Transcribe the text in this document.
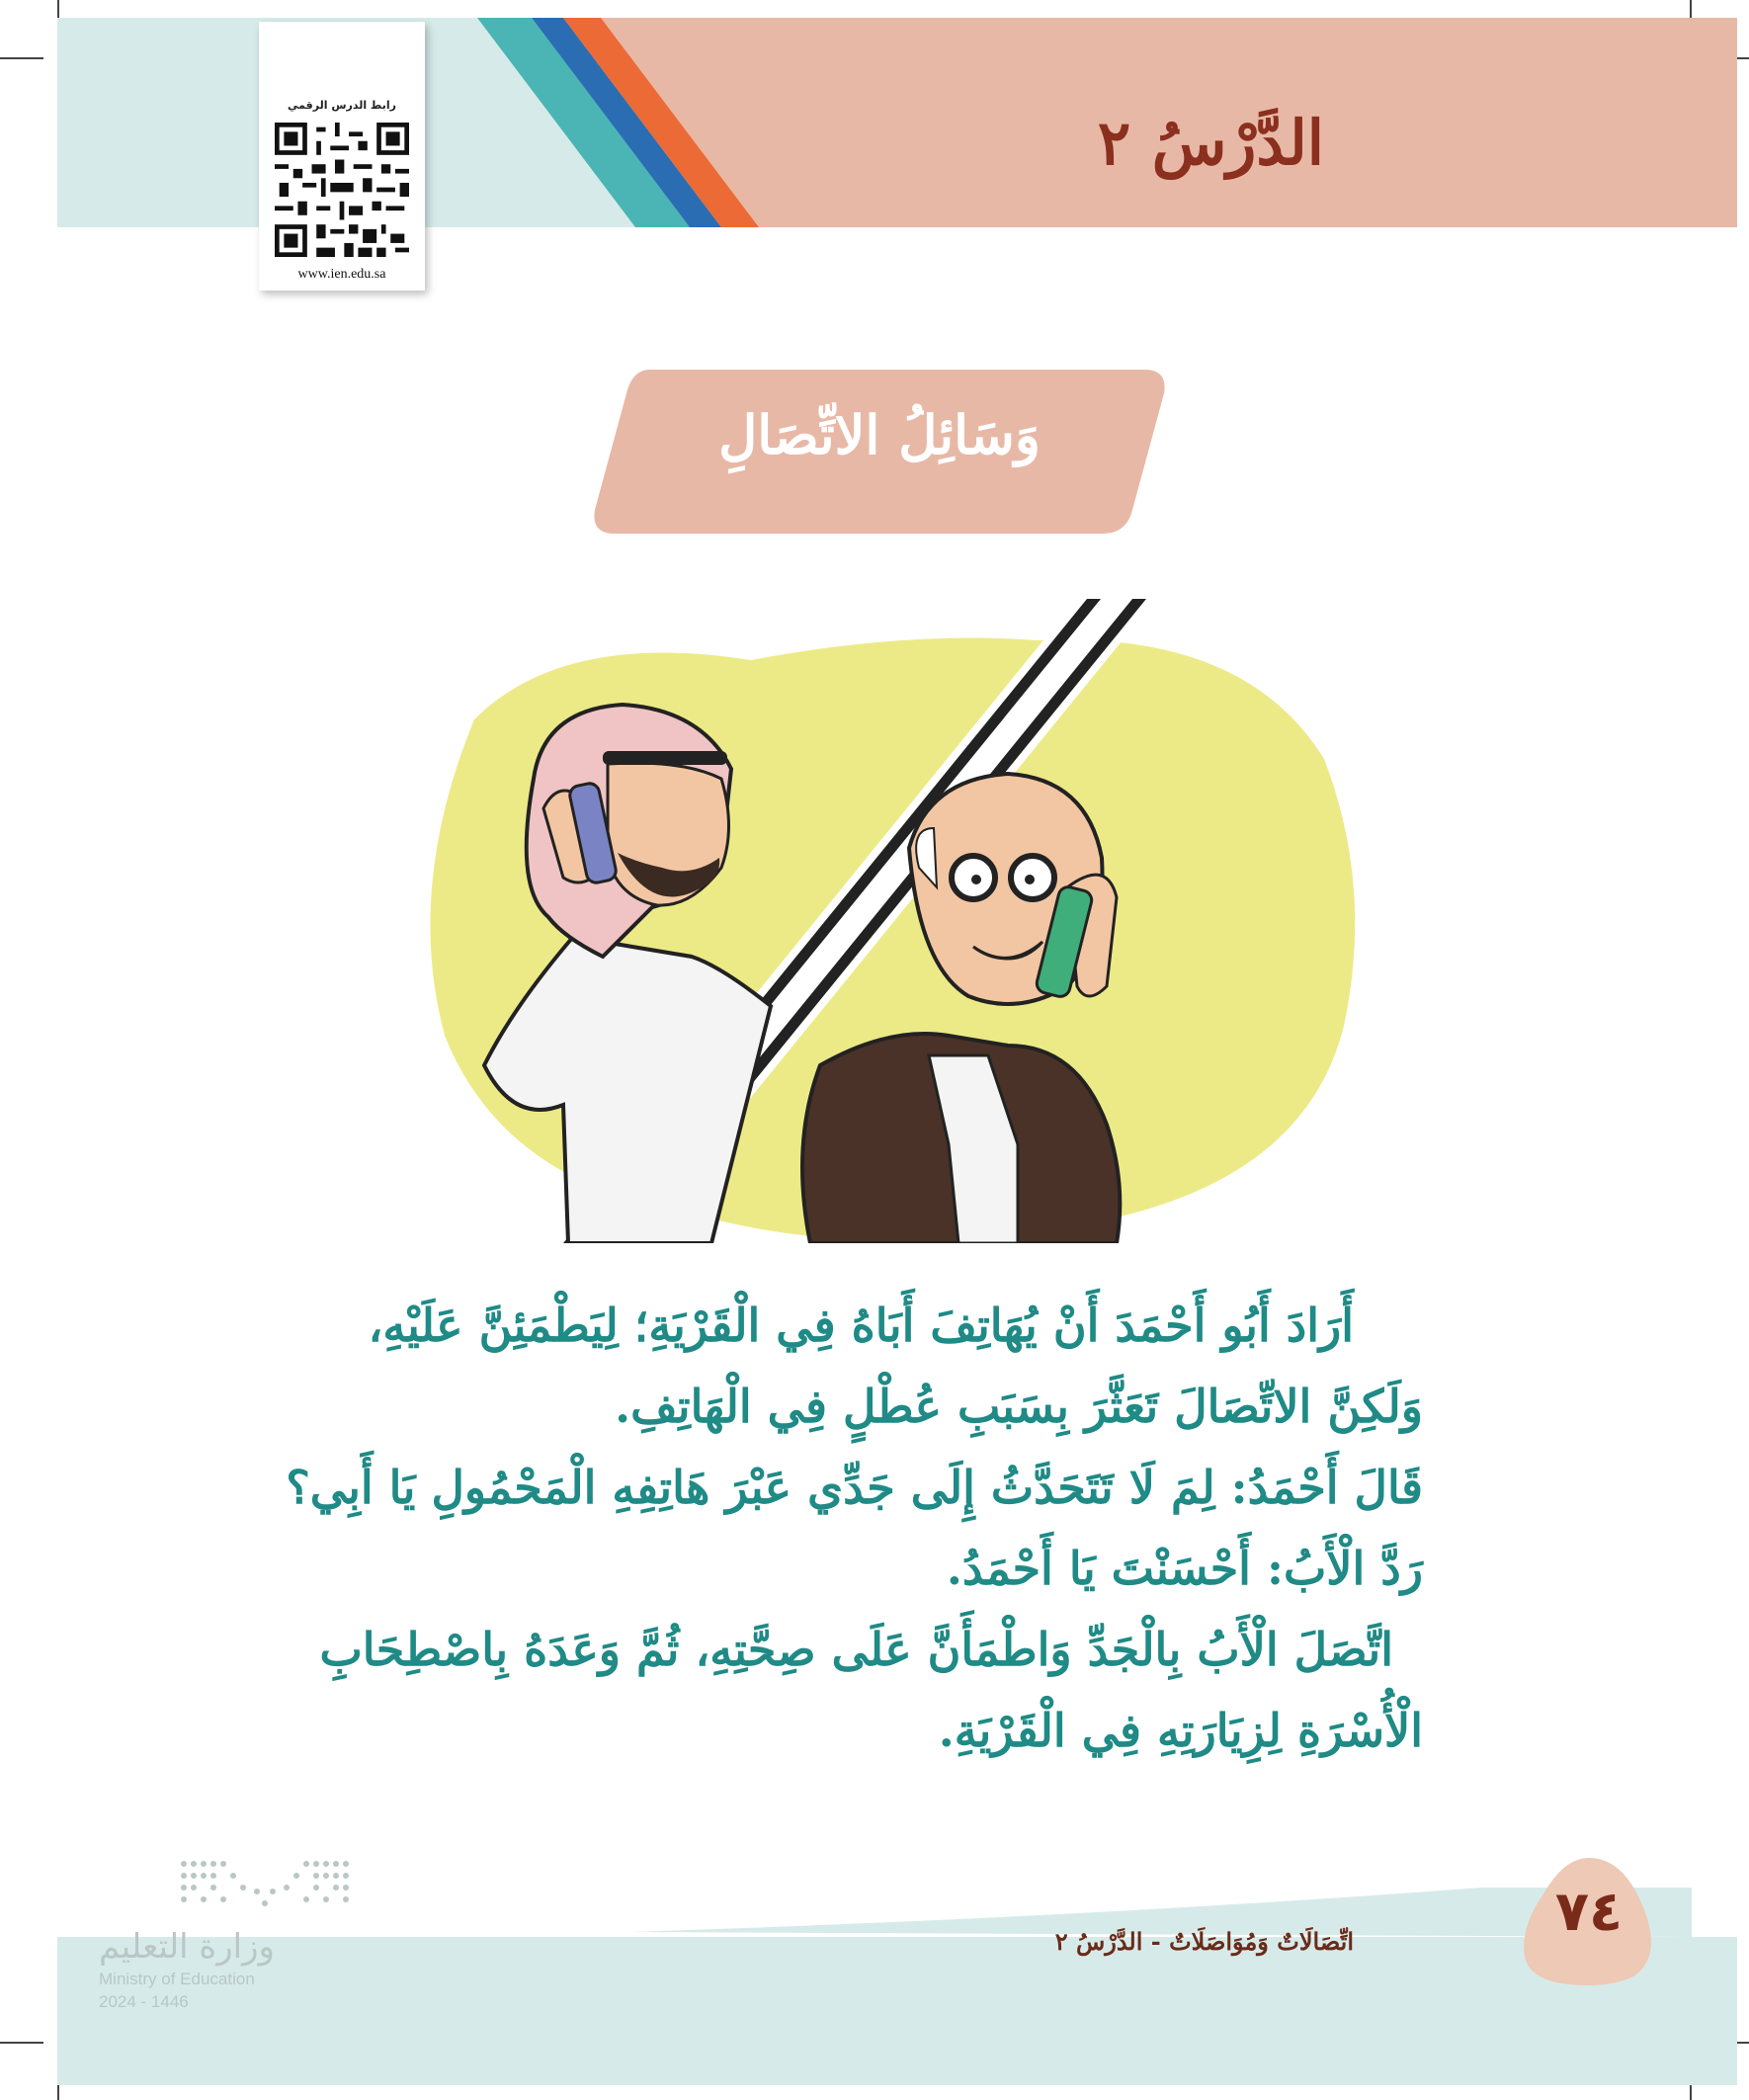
الدَّرْسُ ٢
رابط الدرس الرقمي
www.ien.edu.sa
وَسَائِلُ الاتِّصَالِ
أَرَادَ أَبُو أَحْمَدَ أَنْ يُهَاتِفَ أَبَاهُ فِي الْقَرْيَةِ؛ لِيَطْمَئِنَّ عَلَيْهِ،
وَلَكِنَّ الاتِّصَالَ تَعَثَّرَ بِسَبَبِ عُطْلٍ فِي الْهَاتِفِ.
قَالَ أَحْمَدُ: لِمَ لَا تَتَحَدَّثُ إِلَى جَدِّي عَبْرَ هَاتِفِهِ الْمَحْمُولِ يَا أَبِي؟
رَدَّ الْأَبُ: أَحْسَنْتَ يَا أَحْمَدُ.
اتَّصَلَ الْأَبُ بِالْجَدِّ وَاطْمَأَنَّ عَلَى صِحَّتِهِ، ثُمَّ وَعَدَهُ بِاصْطِحَابِ
الْأُسْرَةِ لِزِيَارَتِهِ فِي الْقَرْيَةِ.
٧٤
اتِّصَالَاتٌ وَمُوَاصَلَاتٌ - الدَّرْسُ ٢
وزارة التعليم
Ministry of Education
2024 - 1446
